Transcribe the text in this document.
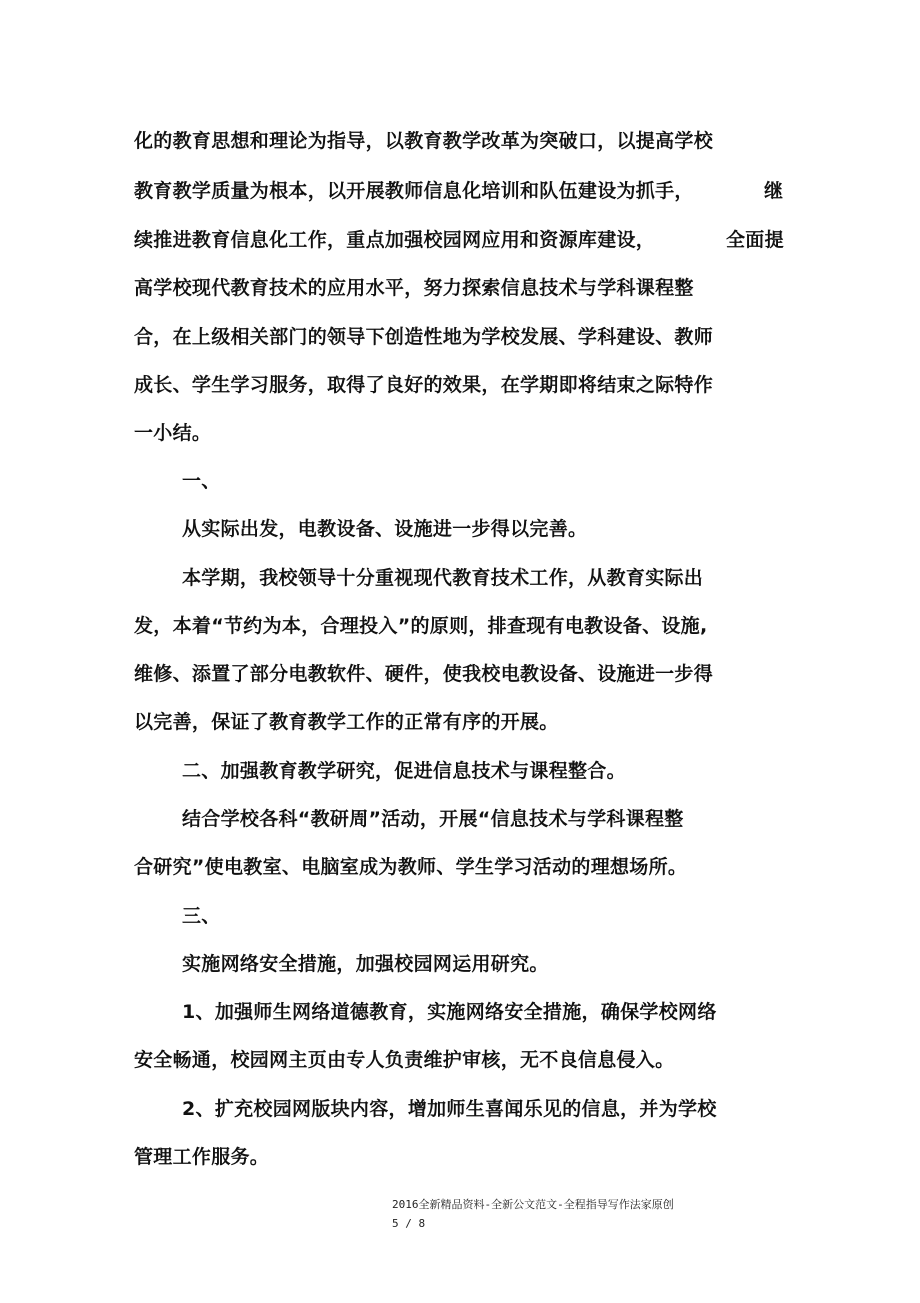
化的教育思想和理论为指导，以教育教学改革为突破口，以提高学校

教育教学质量为根本，以开展教师信息化培训和队伍建设为抓手，	继

续推进教育信息化工作，重点加强校园网应用和资源库建设，	全面提

高学校现代教育技术的应用水平，努力探索信息技术与学科课程整

合，在上级相关部门的领导下创造性地为学校发展、学科建设、教师

成长、学生学习服务，取得了良好的效果，在学期即将结束之际特作

一小结。

一、

从实际出发，电教设备、设施进一步得以完善。

本学期，我校领导十分重视现代教育技术工作，从教育实际出

发，本着“节约为本，合理投入”的原则，排查现有电教设备、设施,

维修、添置了部分电教软件、硬件，使我校电教设备、设施进一步得

以完善，保证了教育教学工作的正常有序的开展。

二、加强教育教学研究，促进信息技术与课程整合。

结合学校各科“教研周”活动，开展“信息技术与学科课程整

合研究”使电教室、电脑室成为教师、学生学习活动的理想场所。

三、

实施网络安全措施，加强校园网运用研究。

1、加强师生网络道德教育，实施网络安全措施，确保学校网络

安全畅通，校园网主页由专人负责维护审核，无不良信息侵入。

2、扩充校园网版块内容，增加师生喜闻乐见的信息，并为学校

管理工作服务。

2016全新精品资料-全新公文范文-全程指导写作法家原创
5 / 8
